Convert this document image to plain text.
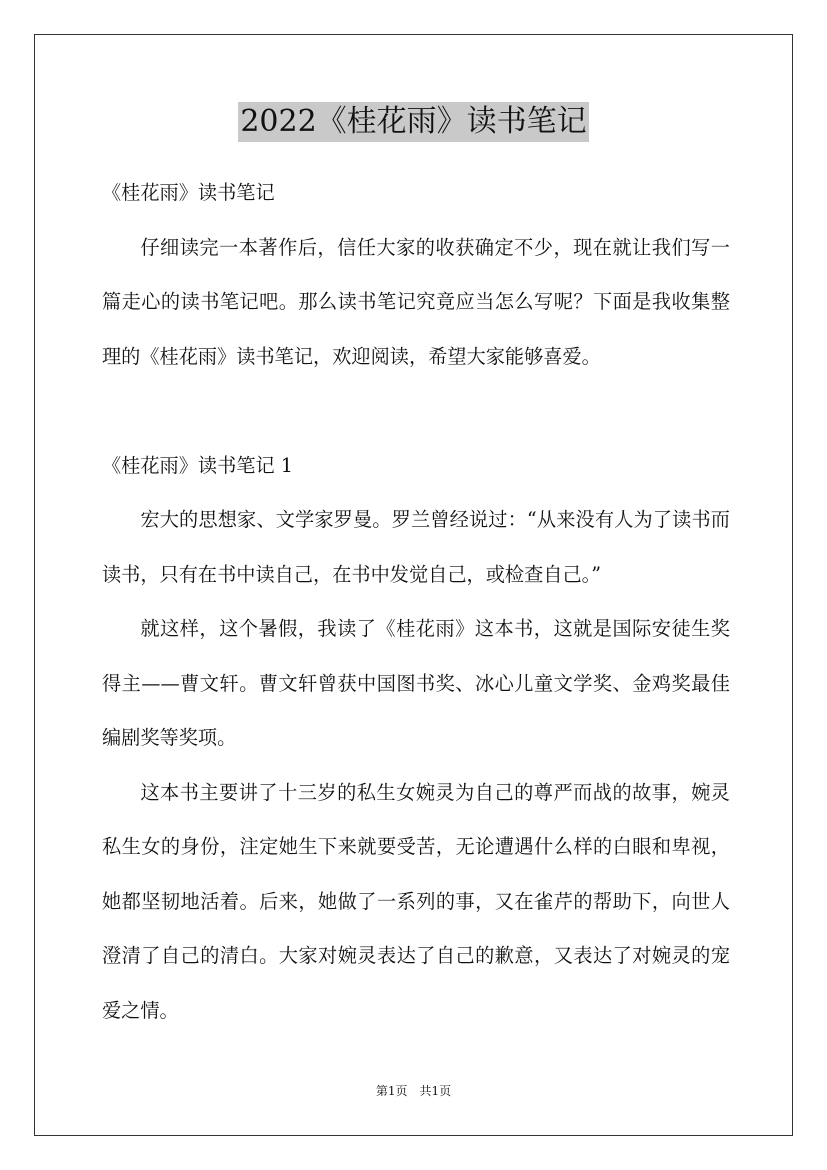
2022《桂花雨》读书笔记

《桂花雨》读书笔记

仔细读完一本著作后，信任大家的收获确定不少，现在就让我们写一篇走心的读书笔记吧。那么读书笔记究竟应当怎么写呢？下面是我收集整理的《桂花雨》读书笔记，欢迎阅读，希望大家能够喜爱。

《桂花雨》读书笔记 1

宏大的思想家、文学家罗曼。罗兰曾经说过：“从来没有人为了读书而读书，只有在书中读自己，在书中发觉自己，或检查自己。”

就这样，这个暑假，我读了《桂花雨》这本书，这就是国际安徒生奖得主——曹文轩。曹文轩曾获中国图书奖、冰心儿童文学奖、金鸡奖最佳编剧奖等奖项。

这本书主要讲了十三岁的私生女婉灵为自己的尊严而战的故事，婉灵私生女的身份，注定她生下来就要受苦，无论遭遇什么样的白眼和卑视，她都坚韧地活着。后来，她做了一系列的事，又在雀芹的帮助下，向世人澄清了自己的清白。大家对婉灵表达了自己的歉意，又表达了对婉灵的宠爱之情。

第1页　共1页
